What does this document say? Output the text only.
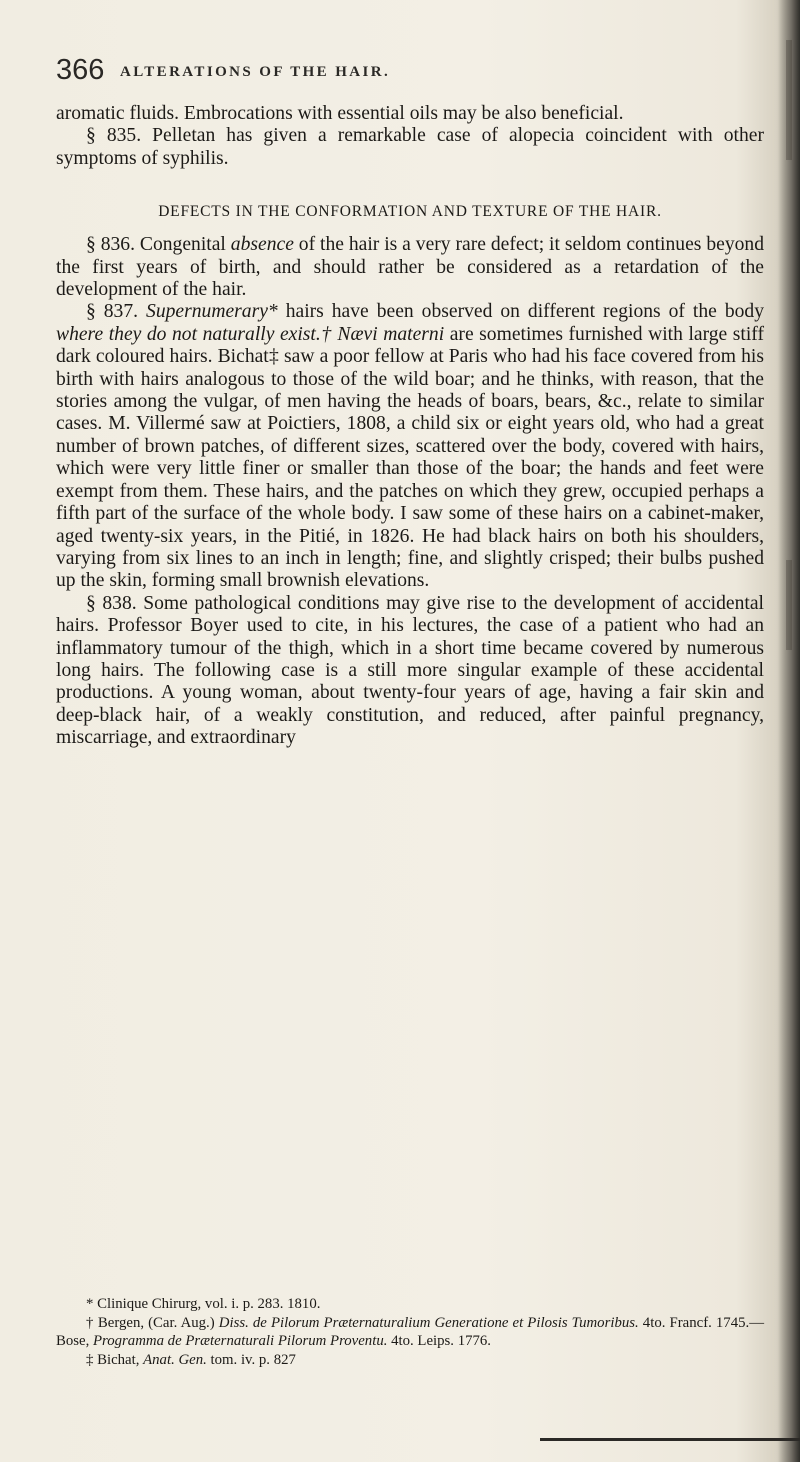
366 ALTERATIONS OF THE HAIR.

aromatic fluids. Embrocations with essential oils may be also beneficial.

§ 835. Pelletan has given a remarkable case of alopecia coincident with other symptoms of syphilis.

DEFECTS IN THE CONFORMATION AND TEXTURE OF THE HAIR.

§ 836. Congenital absence of the hair is a very rare defect; it seldom continues beyond the first years of birth, and should rather be considered as a retardation of the development of the hair.

§ 837. Supernumerary* hairs have been observed on different regions of the body where they do not naturally exist.† Nævi materni are sometimes furnished with large stiff dark coloured hairs. Bichat‡ saw a poor fellow at Paris who had his face covered from his birth with hairs analogous to those of the wild boar; and he thinks, with reason, that the stories among the vulgar, of men having the heads of boars, bears, &c., relate to similar cases. M. Villermé saw at Poictiers, 1808, a child six or eight years old, who had a great number of brown patches, of different sizes, scattered over the body, covered with hairs, which were very little finer or smaller than those of the boar; the hands and feet were exempt from them. These hairs, and the patches on which they grew, occupied perhaps a fifth part of the surface of the whole body. I saw some of these hairs on a cabinet-maker, aged twenty-six years, in the Pitié, in 1826. He had black hairs on both his shoulders, varying from six lines to an inch in length; fine, and slightly crisped; their bulbs pushed up the skin, forming small brownish elevations.

§ 838. Some pathological conditions may give rise to the development of accidental hairs. Professor Boyer used to cite, in his lectures, the case of a patient who had an inflammatory tumour of the thigh, which in a short time became covered by numerous long hairs. The following case is a still more singular example of these accidental productions. A young woman, about twenty-four years of age, having a fair skin and deep-black hair, of a weakly constitution, and reduced, after painful pregnancy, miscarriage, and extraordinary

* Clinique Chirurg, vol. i. p. 283. 1810.

† Bergen, (Car. Aug.) Diss. de Pilorum Præternaturalium Generatione et Pilosis Tumoribus. 4to. Francf. 1745.—Bose, Programma de Præternaturali Pilorum Proventu. 4to. Leips. 1776.

‡ Bichat, Anat. Gen. tom. iv. p. 827
